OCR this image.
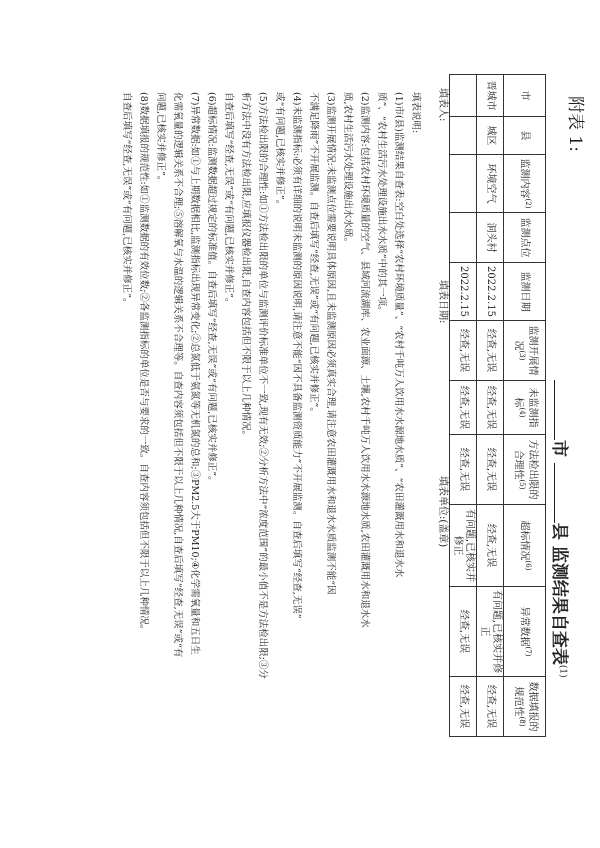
附表 1:
市 县 监测结果自查表$^{(1)}$
市	县	监测内容$^{(2)}$	监测点位	监测日期	监测开展情况$^{(3)}$	未监测指标$^{(4)}$	方法检出限的合理性$^{(5)}$	超标情况$^{(6)}$	异常数据$^{(7)}$	数据填报的规范性$^{(8)}$
晋城市	城区	环境空气	洞头村	2022.2.15	经查,无误	经查,无误	经查,无误	经查,无误	有问题,已核实并修正	经查,无误
				2022.2.15	经查,无误	经查,无误	经查,无误	有问题,已核实并修正	经查,无误	经查,无误
填表人:
填表日期:
填表单位:(盖章)
填表说明:
(1)市(县)监测结果自查表:空白处选择“农村环境质量”、“农村千吨万人饮用水水源地水质”、“农田灌溉用水和退水水
质”、“农村生活污水处理设施出水水质”中的其一项。
(2)监测内容:包括农村环境质量的空气、县域河流湖库、农业面源、土壤,农村千吨万人饮用水水源地水质,农田灌溉用水和退水水
质,农村生活污水处理设施出水水质。
(3)监测开展情况:未监测点位需要说明具体原因,且未监测原因必须真实合理,请注意农田灌溉用水和退水水质监测不能“因
不满足降雨”不开展监测。自查后填写“经查,无误”或“有问题,已核实并修正”。
(4)未监测指标:必须有详细的说明未监测的原因说明,请注意不能“因不具备监测资质能力”不开展监测。自查后填写“经查,无误”
或“有问题,已核实并修正”。
(5)方法检出限的合理性:如①方法检出限的单位与监测评价标准单位不一致,现有无效;②分析方法中“浓度范围”的最小值不是方法检出限;③分
析方法中没有方法检出限,应填报仪器检出限,自查内容包括但不限于以上几种情况。
自查后填写“经查,无误”或“有问题,已核实并修正”。
(6)超标情况:监测数据超过规定的标准值。自查后填写“经查,无误”或“有问题,已核实并修正”。
(7)异常数据:如①与上期数据相比,监测指标出现异常变化;②总氮低于氨氮等无机氮的总和;③PM2.5大于PM10;④化学需氧量和五日生
化需氧量的逻辑关系不合理;⑤溶解氧与水温的逻辑关系不合理等。自查内容须包括但不限于以上几种情况,自查后填写“经查,无误”或“有
问题,已核实并修正”。
(8)数据填报的规范性:如①监测数据的有效位数;②各监测指标的单位是否与要求的一致。自查内容须包括但不限于以上几种情况。
自查后填写“经查,无误”或“有问题,已核实并修正”。
